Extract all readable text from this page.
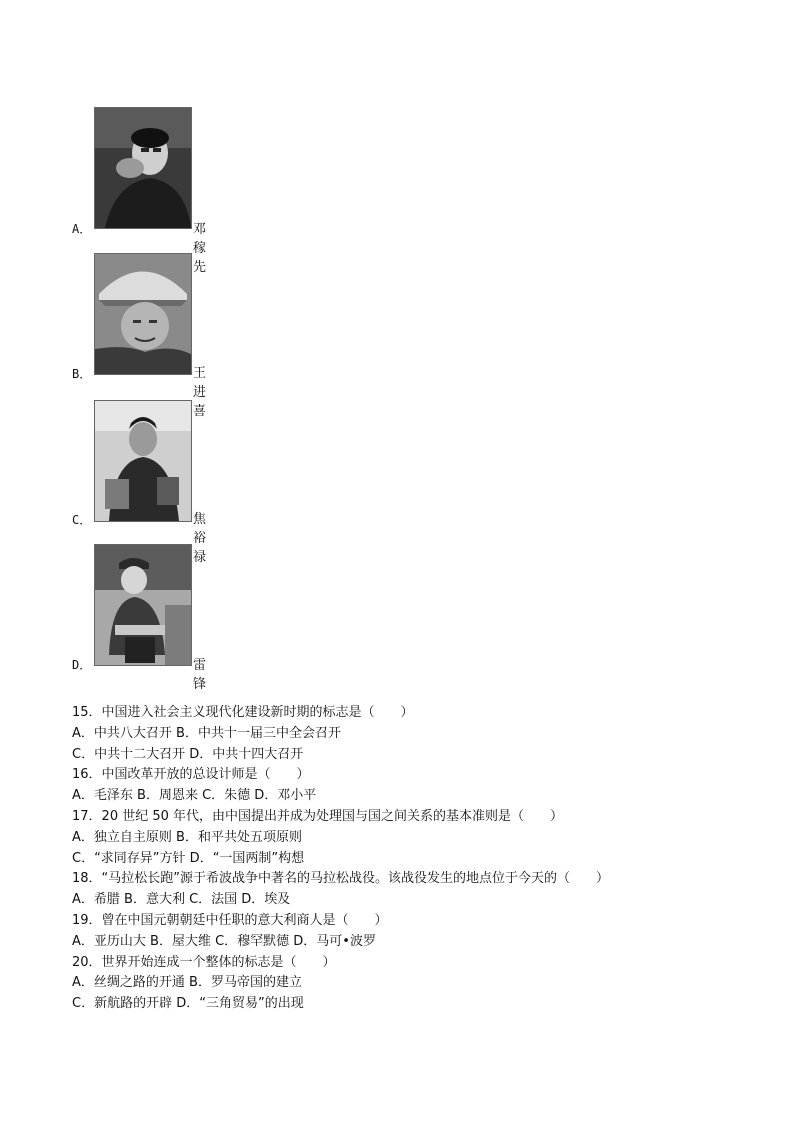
A．	邓稼先
B．	王进喜
C．	焦裕禄
D．	雷锋
15．中国进入社会主义现代化建设新时期的标志是（　　）
A．中共八大召开 B．中共十一届三中全会召开
C．中共十二大召开 D．中共十四大召开
16．中国改革开放的总设计师是（　　）
A．毛泽东 B．周恩来 C．朱德 D．邓小平
17．20 世纪 50 年代，由中国提出并成为处理国与国之间关系的基本准则是（　　）
A．独立自主原则 B．和平共处五项原则
C．“求同存异”方针 D．“一国两制”构想
18．“马拉松长跑”源于希波战争中著名的马拉松战役。该战役发生的地点位于今天的（　　）
A．希腊 B．意大利 C．法国 D．埃及
19．曾在中国元朝朝廷中任职的意大利商人是（　　）
A．亚历山大 B．屋大维 C．穆罕默德 D．马可•波罗
20．世界开始连成一个整体的标志是（　　）
A．丝绸之路的开通 B．罗马帝国的建立
C．新航路的开辟 D．“三角贸易”的出现
